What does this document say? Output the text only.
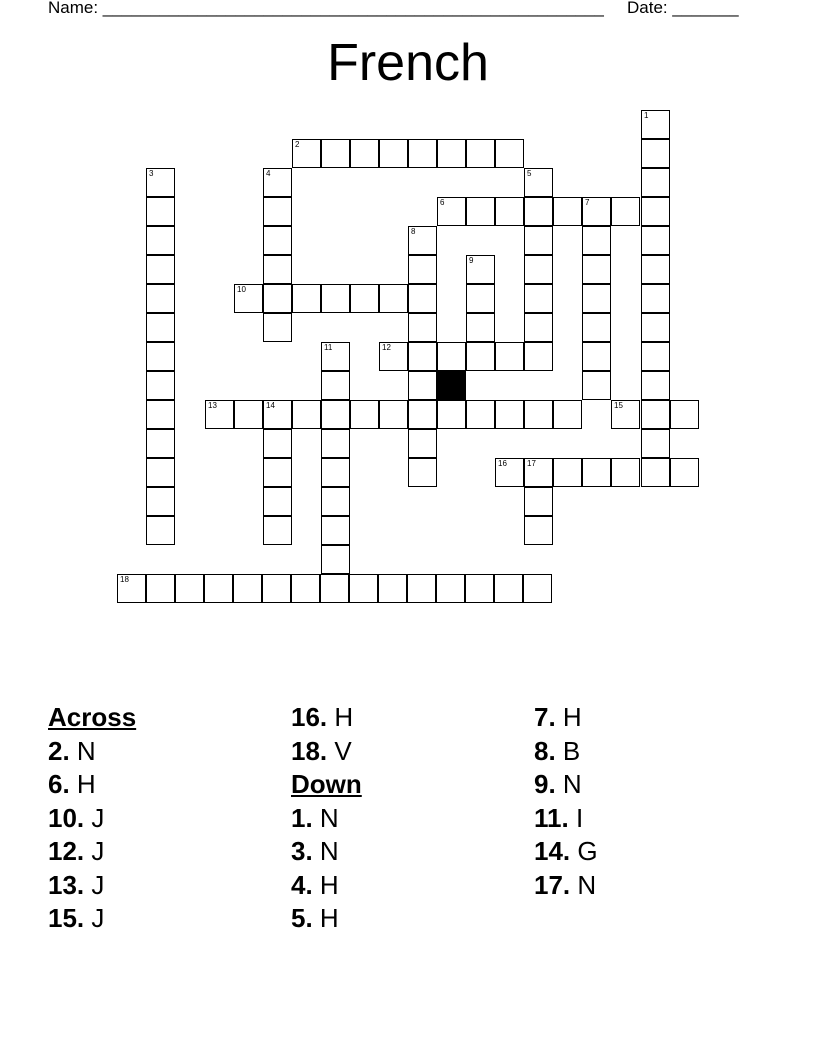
Name: _____________________________________________________ Date: _______
French
1
2
3	4	5
6	7
8
9
10
11	12
13	14	15
16	17
18
Across
2. N
6. H
10. J
12. J
13. J
15. J
16. H
18. V
Down
1. N
3. N
4. H
5. H
7. H
8. B
9. N
11. I
14. G
17. N
